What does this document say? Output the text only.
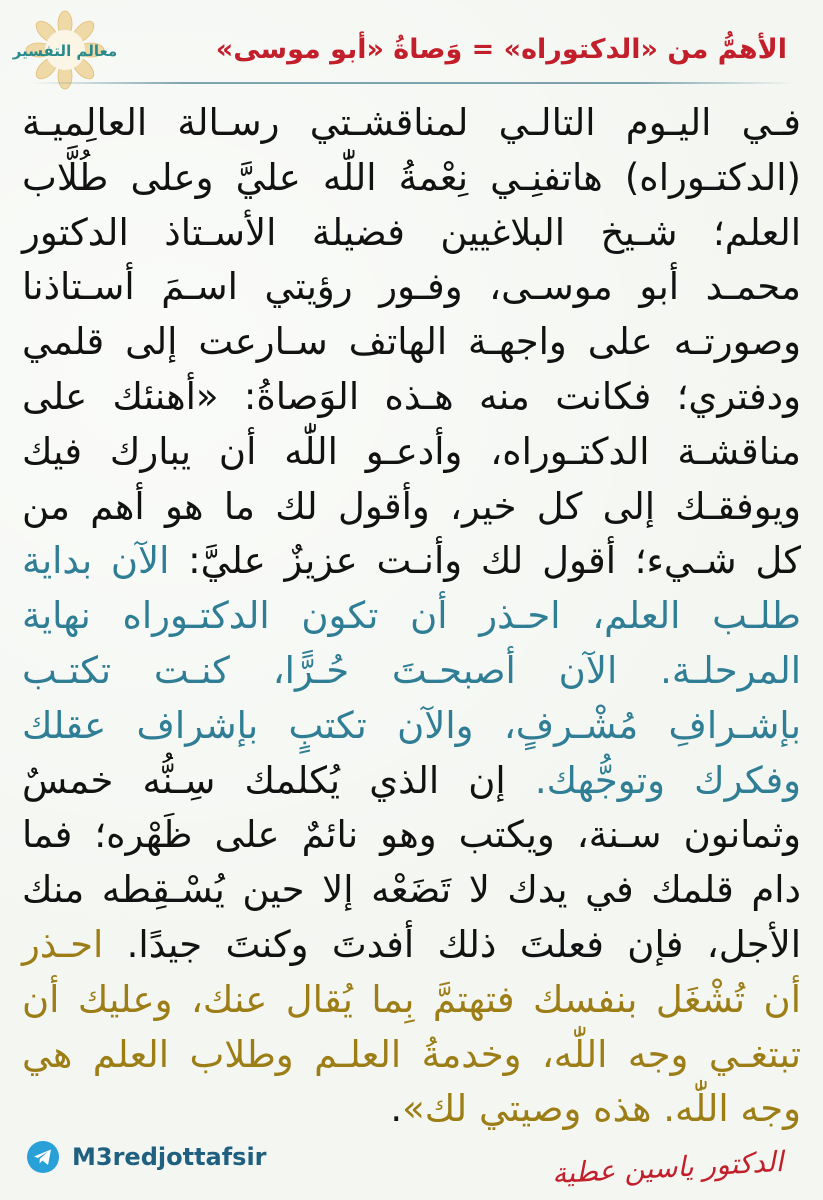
معالم التفسير	الأهمُّ من «الدكتوراه» = وَصاةُ «أبو موسى»
فـي اليـوم التالـي لمناقشـتي رسـالة العالِميـة
(الدكتـوراه) هاتفنِـي نِعْمةُ اللّٰه عليَّ وعلى طُلَّاب
العلم؛ شـيخ البلاغيين فضيلة الأسـتاذ الدكتور
محمـد أبو موسـى، وفـور رؤيتي اسـمَ أسـتاذنا
وصورتـه على واجهـة الهاتف سـارعت إلى قلمي
ودفتري؛ فكانت منه هـذه الوَصاةُ: «أهنئك على
مناقشـة الدكتـوراه، وأدعـو اللّٰه أن يبارك فيك
ويوفقـك إلى كل خير، وأقول لك ما هو أهم من
كل شـيء؛ أقول لك وأنـت عزيزٌ عليَّ: الآن بداية
طلـب العلم، احـذر أن تكون الدكتـوراه نهاية
المرحلـة. الآن أصبحـتَ حُـرًّا، كنـت تكتـب
بإشـرافِ مُشْـرفٍ، والآن تكتبٍ بإشراف عقلك
وفكرك وتوجُّهك. إن الذي يُكلمك سِـنُّه خمسٌ
وثمانون سـنة، ويكتب وهو نائمٌ على ظَهْره؛ فما
دام قلمك في يدك لا تَضَعْه إلا حين يُسْـقِطه منك
الأجل، فإن فعلتَ ذلك أفدتَ وكنتَ جيدًا. احـذر
أن تُشْغَل بنفسك فتهتمَّ بِما يُقال عنك، وعليك أن
تبتغـي وجه اللّٰه، وخدمةُ العلـم وطلاب العلم هي
وجه اللّٰه. هذه وصيتي لك».
M3redjottafsir	الدكتور ياسين عطية
